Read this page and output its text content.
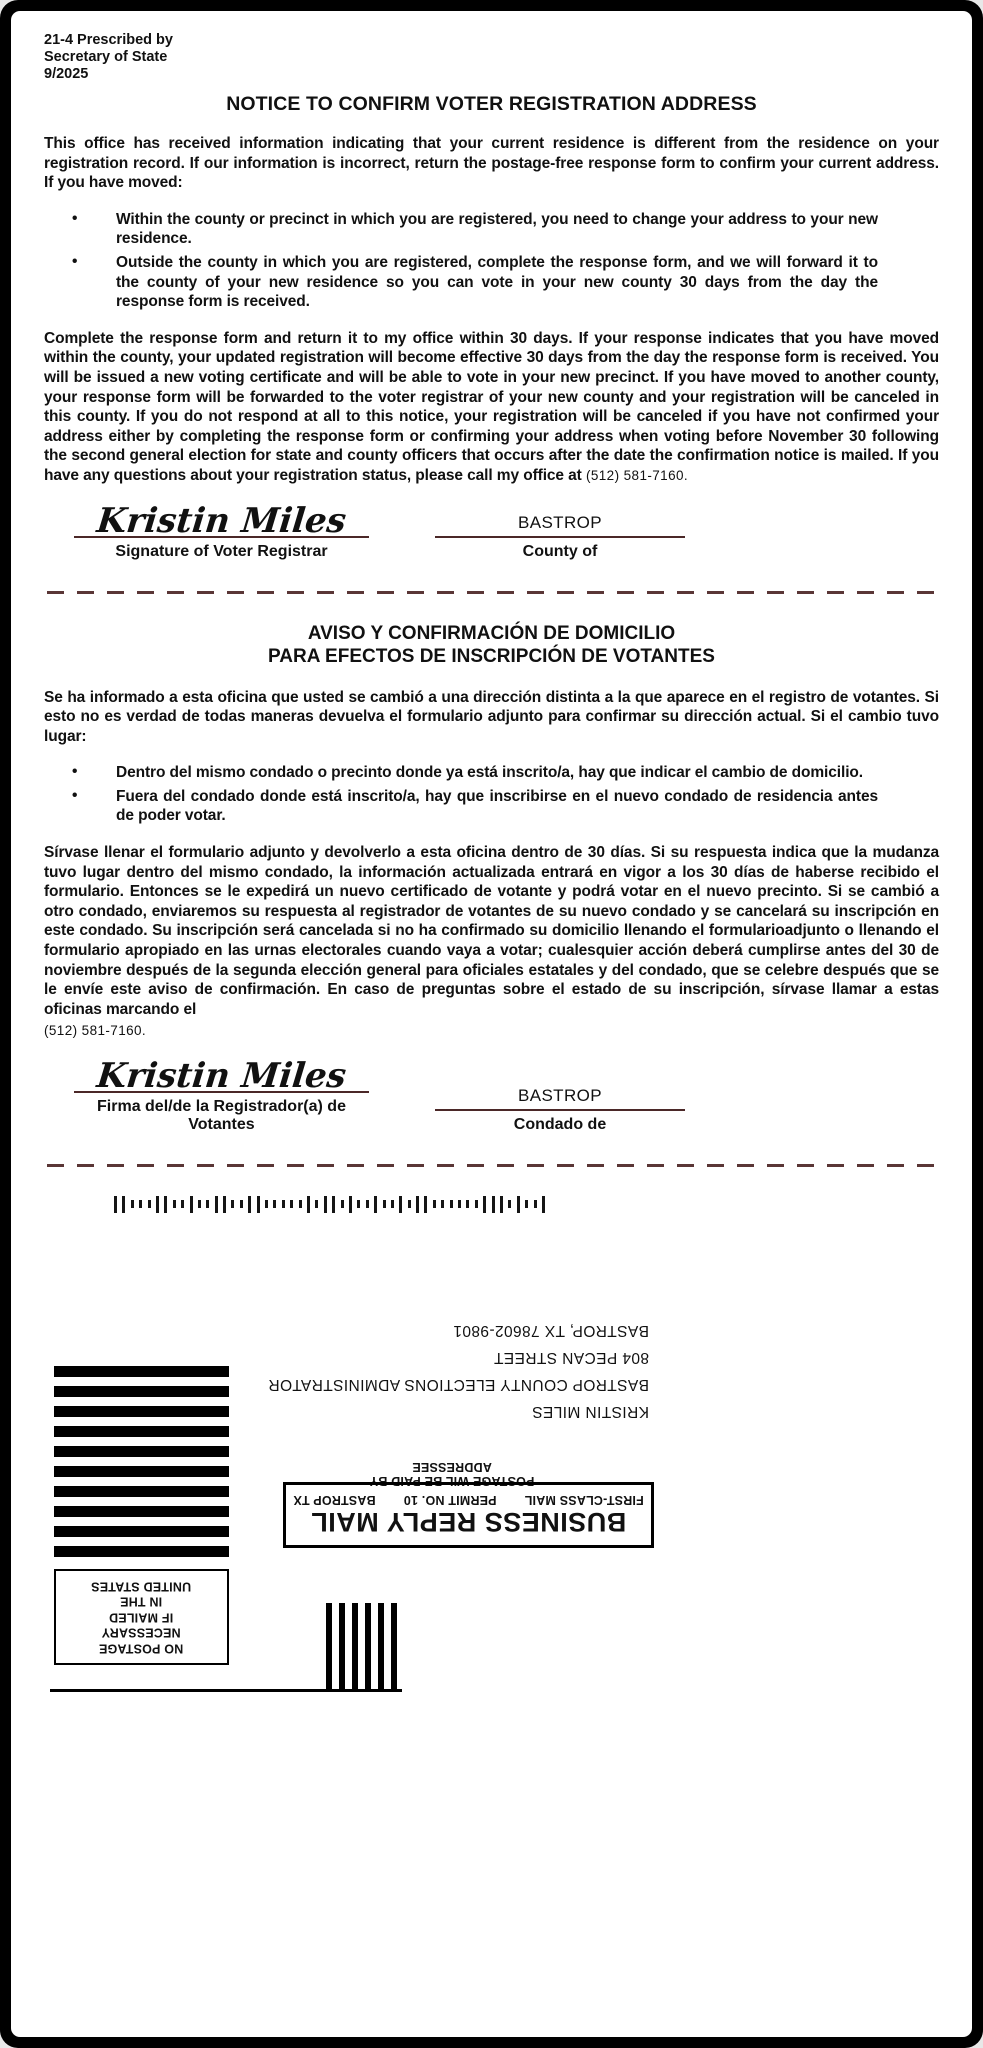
21-4 Prescribed by
Secretary of State
9/2025
NOTICE TO CONFIRM VOTER REGISTRATION ADDRESS

This office has received information indicating that your current residence is different from the residence on your registration record. If our information is incorrect, return the postage-free response form to confirm your current address. If you have moved:

• Within the county or precinct in which you are registered, you need to change your address to your new residence.
• Outside the county in which you are registered, complete the response form, and we will forward it to the county of your new residence so you can vote in your new county 30 days from the day the response form is received.

Complete the response form and return it to my office within 30 days. If your response indicates that you have moved within the county, your updated registration will become effective 30 days from the day the response form is received. You will be issued a new voting certificate and will be able to vote in your new precinct. If you have moved to another county, your response form will be forwarded to the voter registrar of your new county and your registration will be canceled in this county. If you do not respond at all to this notice, your registration will be canceled if you have not confirmed your address either by completing the response form or confirming your address when voting before November 30 following the second general election for state and county officers that occurs after the date the confirmation notice is mailed. If you have any questions about your registration status, please call my office at (512) 581-7160.

Kristin Miles
Signature of Voter Registrar
BASTROP
County of
AVISO Y CONFIRMACIÓN DE DOMICILIO
PARA EFECTOS DE INSCRIPCIÓN DE VOTANTES

Se ha informado a esta oficina que usted se cambió a una dirección distinta a la que aparece en el registro de votantes. Si esto no es verdad de todas maneras devuelva el formulario adjunto para confirmar su dirección actual. Si el cambio tuvo lugar:

• Dentro del mismo condado o precinto donde ya está inscrito/a, hay que indicar el cambio de domicilio.
• Fuera del condado donde está inscrito/a, hay que inscribirse en el nuevo condado de residencia antes de poder votar.

Sírvase llenar el formulario adjunto y devolverlo a esta oficina dentro de 30 días. Si su respuesta indica que la mudanza tuvo lugar dentro del mismo condado, la información actualizada entrará en vigor a los 30 días de haberse recibido el formulario. Entonces se le expedirá un nuevo certificado de votante y podrá votar en el nuevo precinto. Si se cambió a otro condado, enviaremos su respuesta al registrador de votantes de su nuevo condado y se cancelará su inscripción en este condado. Su inscripción será cancelada si no ha confirmado su domicilio llenando el formularioadjunto o llenando el formulario apropiado en las urnas electorales cuando vaya a votar; cualesquier acción deberá cumplirse antes del 30 de noviembre después de la segunda elección general para oficiales estatales y del condado, que se celebre después que se le envíe este aviso de confirmación. En caso de preguntas sobre el estado de su inscripción, sírvase llamar a estas oficinas marcando el
(512) 581-7160.

Kristin Miles
Firma del/de la Registrador(a) de Votantes
BASTROP
Condado de
KRISTIN MILES
BASTROP COUNTY ELECTIONS ADMINISTRATOR
804 PECAN STREET
BASTROP, TX 78602-9801
POSTAGE WIL BE PAID BY ADDRESSEE
BUSINESS REPLY MAIL
FIRST-CLASS MAIL
PERMIT NO. 10
BASTROP TX
NO POSTAGE
NECESSARY
IF MAILED
IN THE
UNITED STATES
